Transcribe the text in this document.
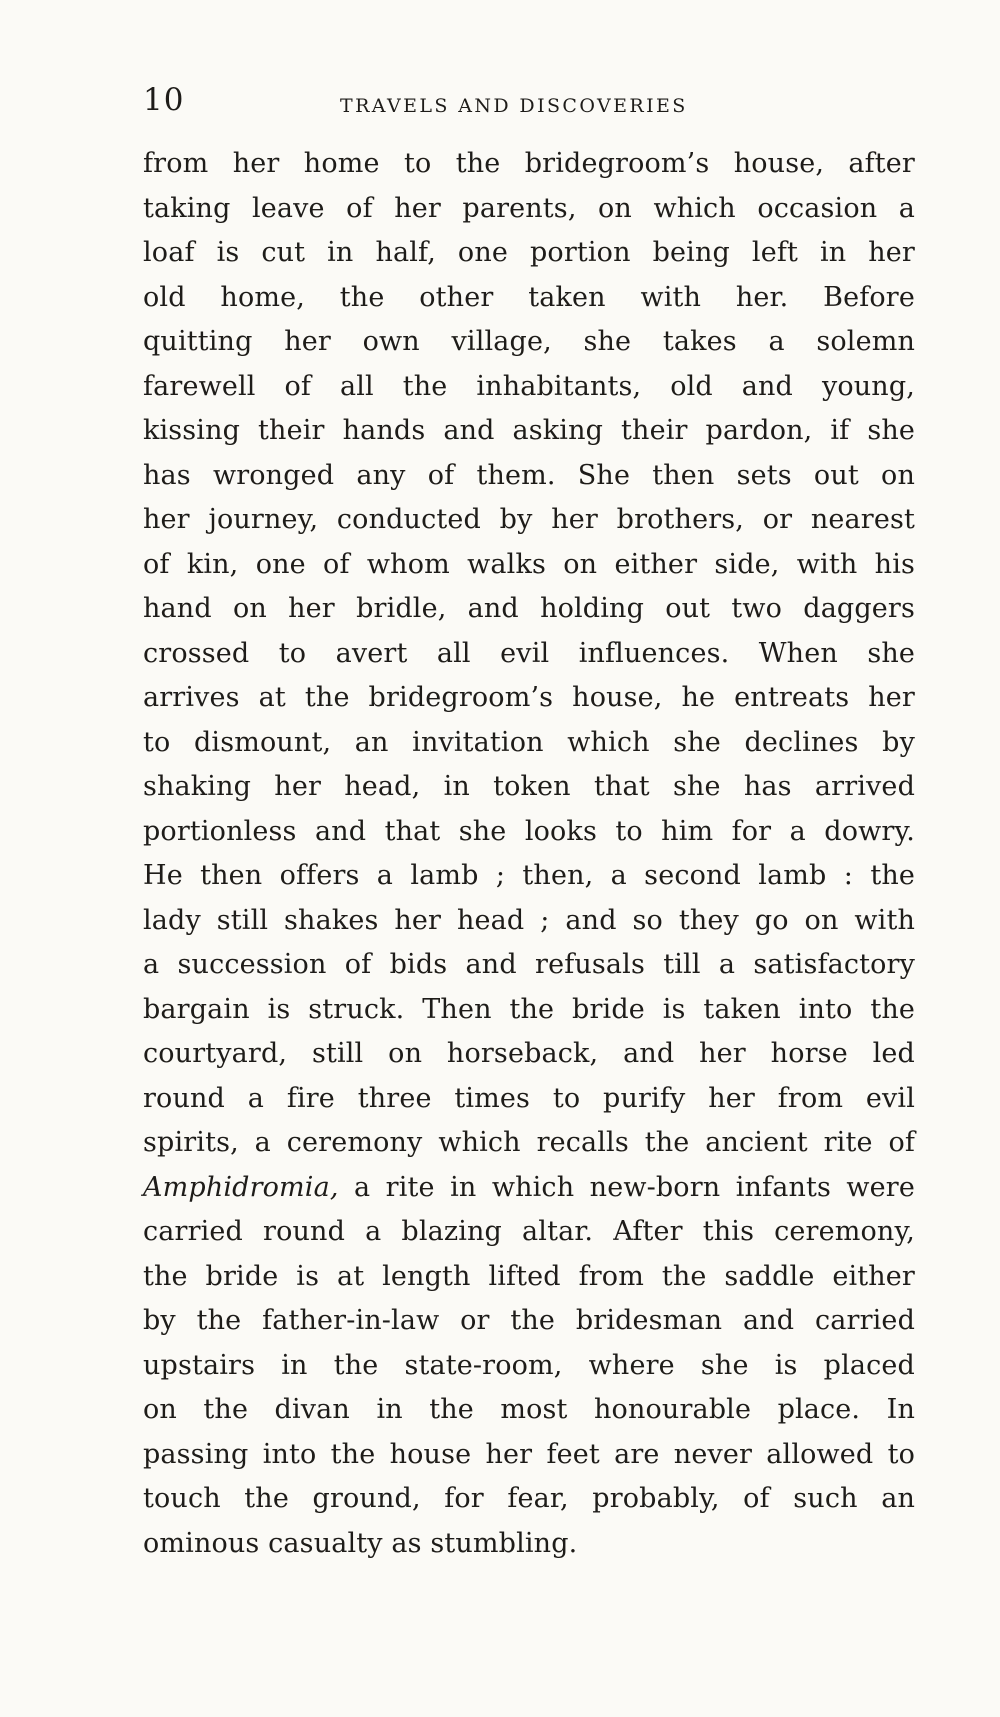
10	TRAVELS AND DISCOVERIES
from her home to the bridegroom’s house, after
taking leave of her parents, on which occasion a
loaf is cut in half, one portion being left in her
old home, the other taken with her. Before
quitting her own village, she takes a solemn
farewell of all the inhabitants, old and young,
kissing their hands and asking their pardon, if she
has wronged any of them. She then sets out on
her journey, conducted by her brothers, or nearest
of kin, one of whom walks on either side, with his
hand on her bridle, and holding out two daggers
crossed to avert all evil influences. When she
arrives at the bridegroom’s house, he entreats her
to dismount, an invitation which she declines by
shaking her head, in token that she has arrived
portionless and that she looks to him for a dowry.
He then offers a lamb ; then, a second lamb : the
lady still shakes her head ; and so they go on with
a succession of bids and refusals till a satisfactory
bargain is struck. Then the bride is taken into the
courtyard, still on horseback, and her horse led
round a fire three times to purify her from evil
spirits, a ceremony which recalls the ancient rite of
Amphidromia, a rite in which new-born infants were
carried round a blazing altar. After this ceremony,
the bride is at length lifted from the saddle either
by the father-in-law or the bridesman and carried
upstairs in the state-room, where she is placed
on the divan in the most honourable place. In
passing into the house her feet are never allowed to
touch the ground, for fear, probably, of such an
ominous casualty as stumbling.
